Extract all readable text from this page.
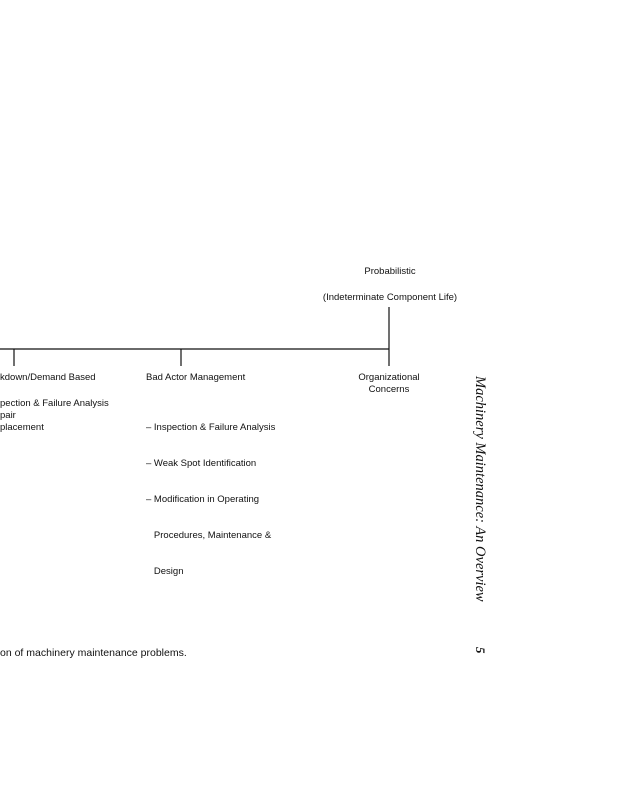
Probabilistic
(Indeterminate Component Life)
kdown/Demand Based
pection & Failure Analysis
pair
placement
Bad Actor Management

– Inspection & Failure Analysis

– Weak Spot Identification

– Modification in Operating

Procedures, Maintenance &

Design

Organizational
Concerns
on of machinery maintenance problems.
Machinery Maintenance: An Overview
5
